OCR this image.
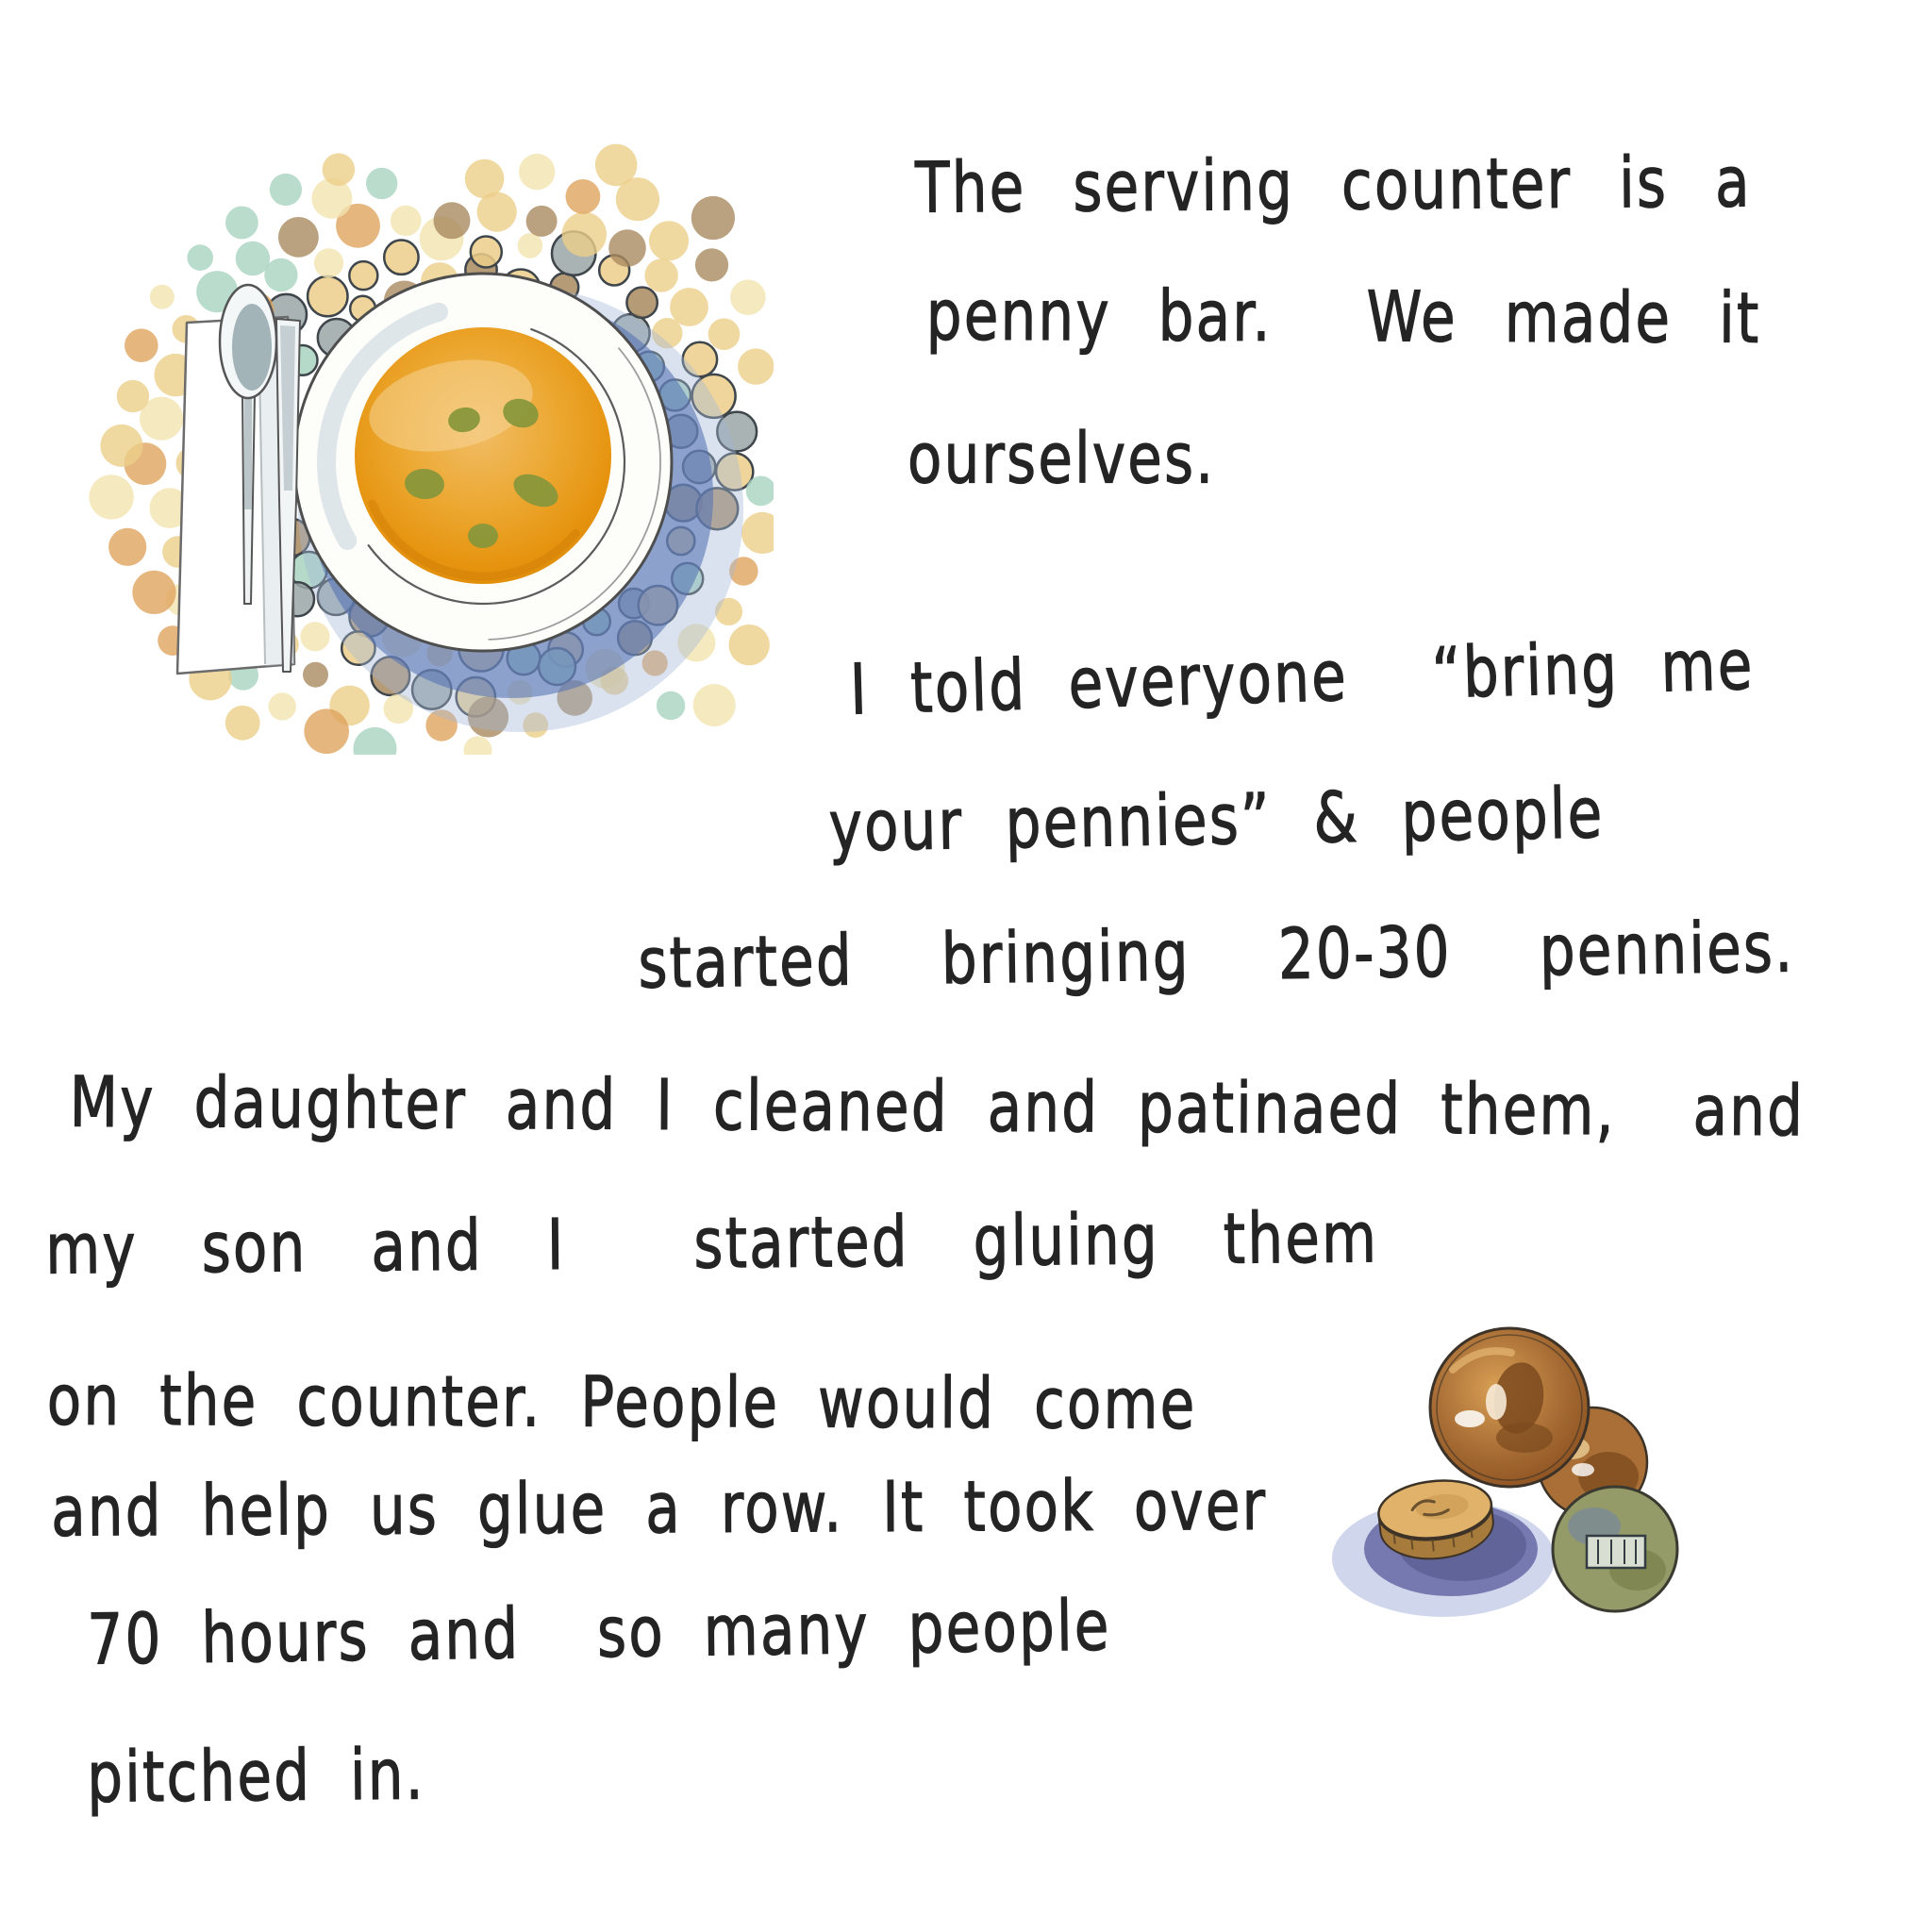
The serving counter is a
penny bar.  We made it
ourselves.
I told everyone  “bring me
your pennies” & people
started bringing 20-30 pennies.
My daughter and I cleaned and patinaed them,  and
my son and I  started gluing them
on the counter. People would come
and help us glue a row. It took over
70 hours and  so many people
pitched in.
